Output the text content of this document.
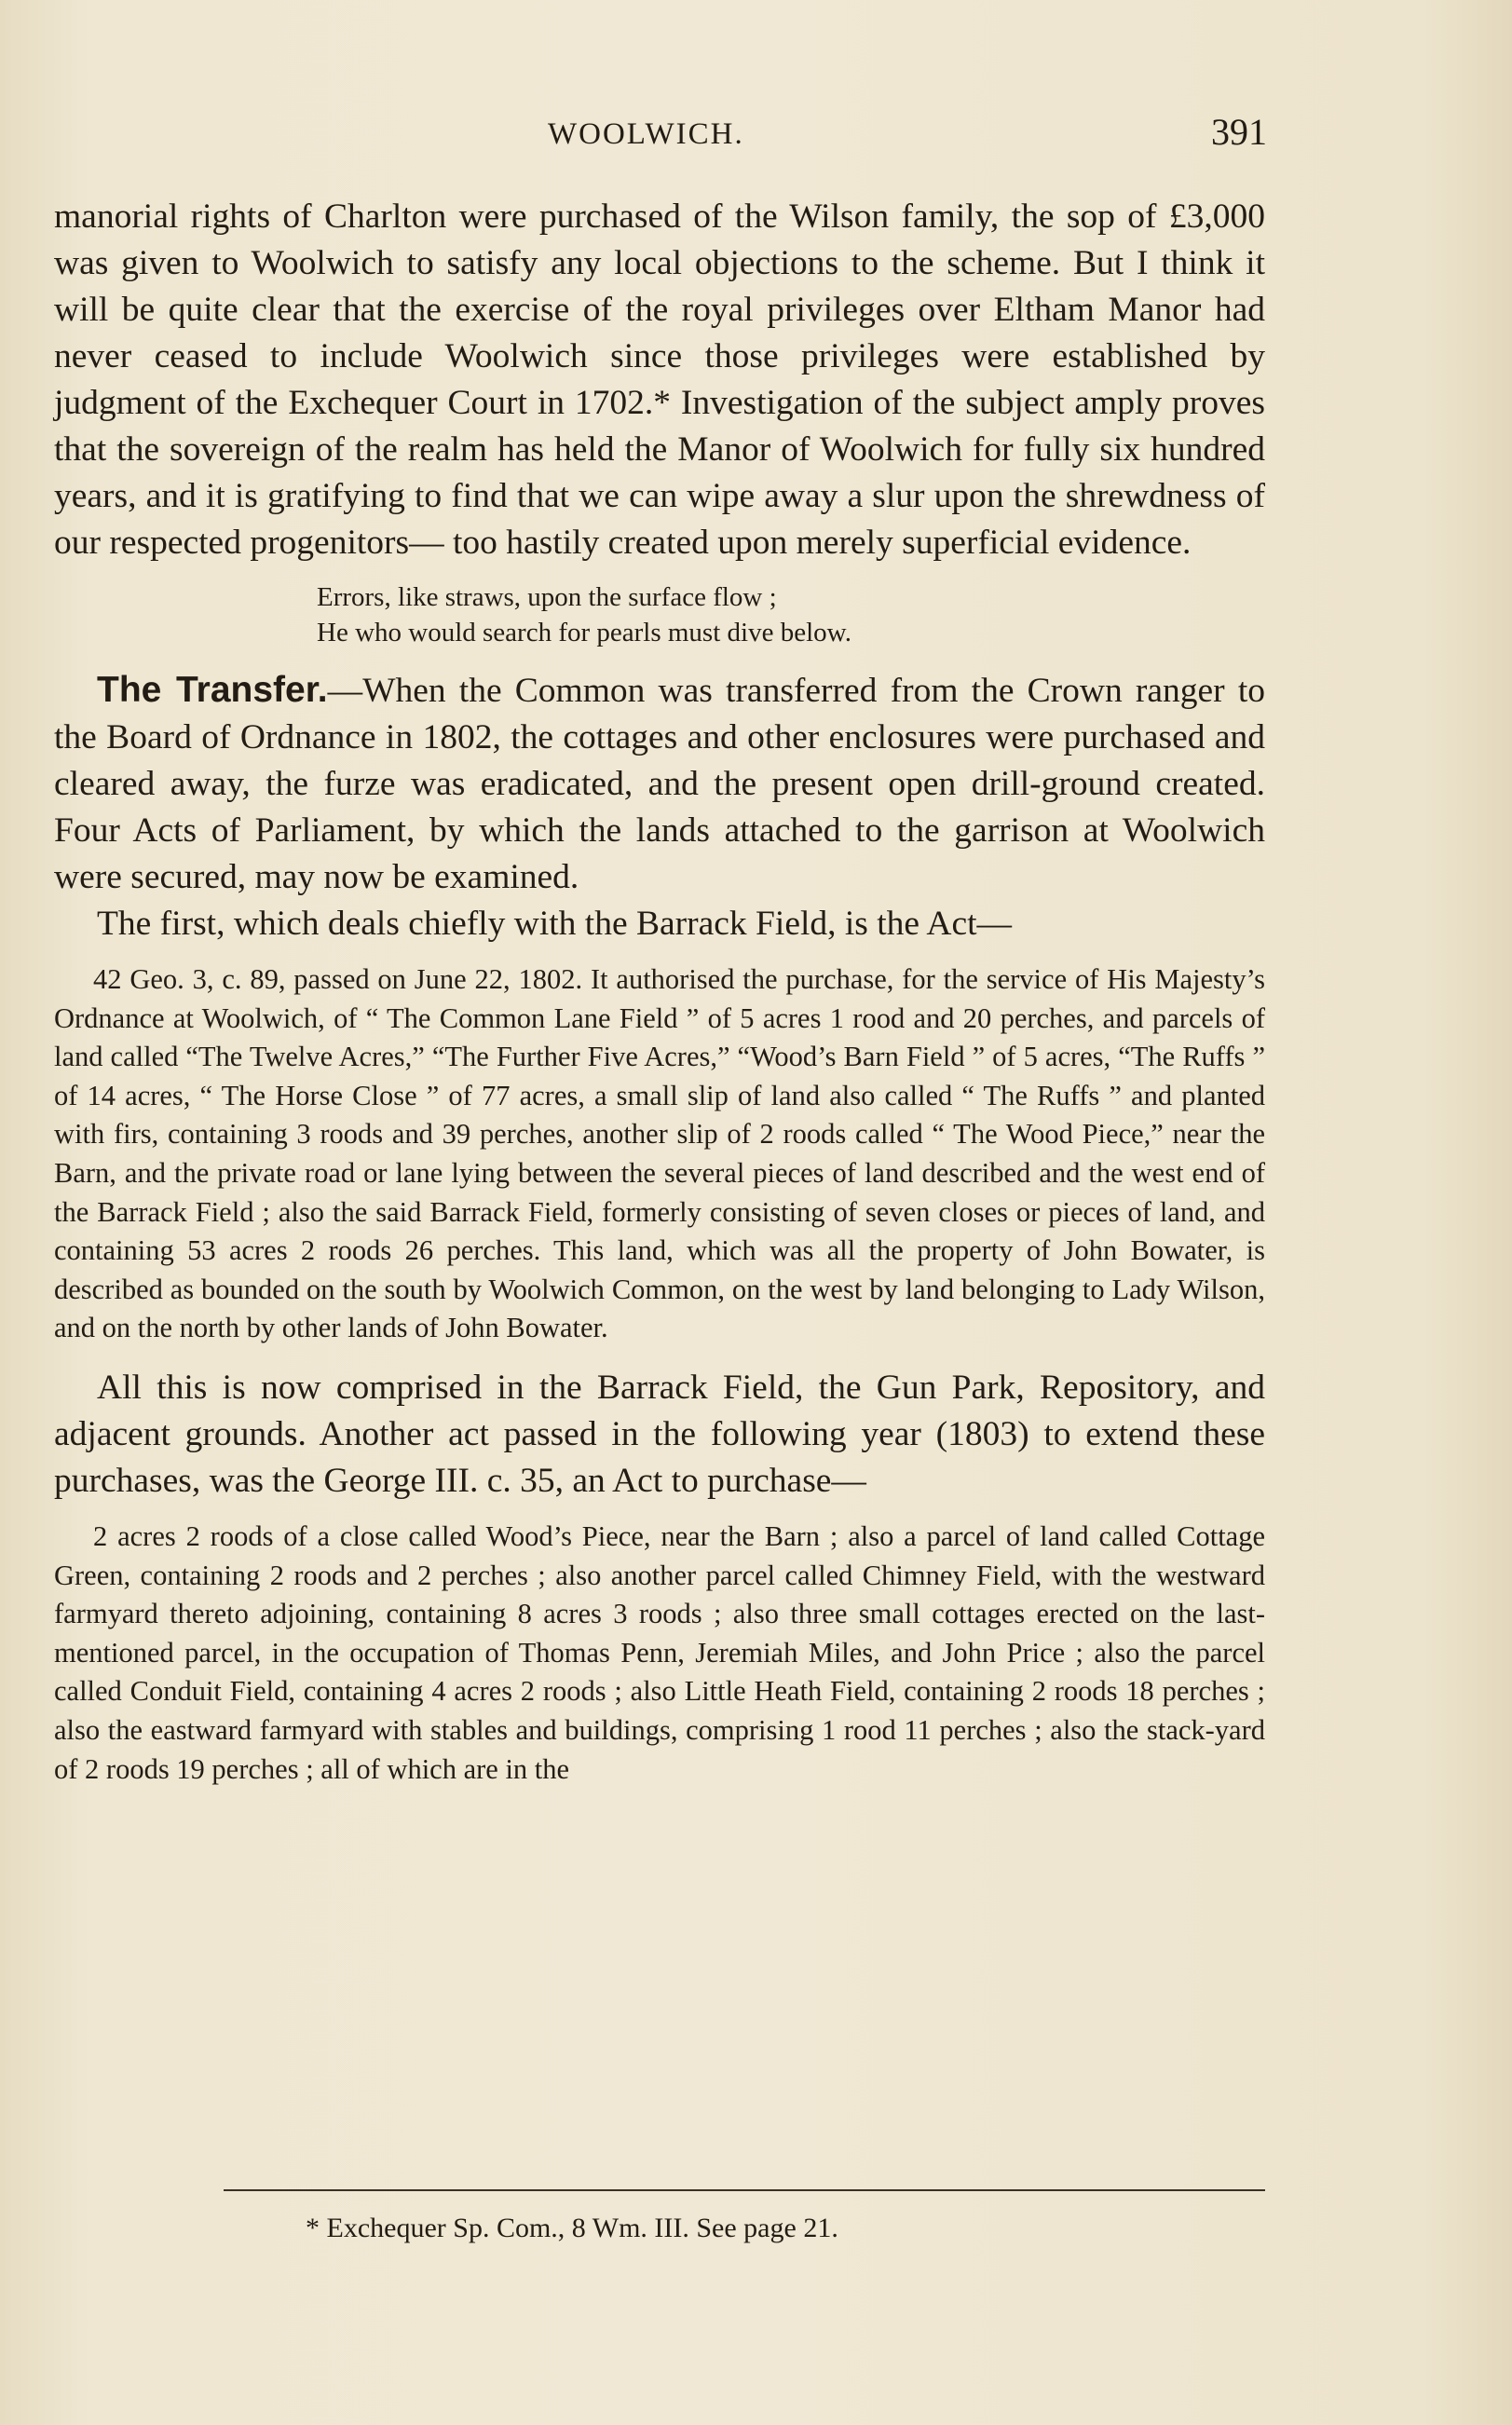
WOOLWICH.	391

manorial rights of Charlton were purchased of the Wilson family, the sop of £3,000 was given to Woolwich to satisfy any local objections to the scheme. But I think it will be quite clear that the exercise of the royal privileges over Eltham Manor had never ceased to include Woolwich since those privileges were established by judgment of the Exchequer Court in 1702.* Investigation of the subject amply proves that the sovereign of the realm has held the Manor of Woolwich for fully six hundred years, and it is gratifying to find that we can wipe away a slur upon the shrewdness of our respected progenitors— too hastily created upon merely superficial evidence.

Errors, like straws, upon the surface flow ;
He who would search for pearls must dive below.

The Transfer.—When the Common was transferred from the Crown ranger to the Board of Ordnance in 1802, the cottages and other enclosures were purchased and cleared away, the furze was eradicated, and the present open drill-ground created. Four Acts of Parliament, by which the lands attached to the garrison at Woolwich were secured, may now be examined.

The first, which deals chiefly with the Barrack Field, is the Act—

42 Geo. 3, c. 89, passed on June 22, 1802. It authorised the purchase, for the service of His Majesty’s Ordnance at Woolwich, of “ The Common Lane Field ” of 5 acres 1 rood and 20 perches, and parcels of land called “The Twelve Acres,” “The Further Five Acres,” “Wood’s Barn Field ” of 5 acres, “The Ruffs ” of 14 acres, “ The Horse Close ” of 77 acres, a small slip of land also called “ The Ruffs ” and planted with firs, containing 3 roods and 39 perches, another slip of 2 roods called “ The Wood Piece,” near the Barn, and the private road or lane lying between the several pieces of land described and the west end of the Barrack Field ; also the said Barrack Field, formerly consisting of seven closes or pieces of land, and containing 53 acres 2 roods 26 perches. This land, which was all the property of John Bowater, is described as bounded on the south by Woolwich Common, on the west by land belonging to Lady Wilson, and on the north by other lands of John Bowater.

All this is now comprised in the Barrack Field, the Gun Park, Repository, and adjacent grounds. Another act passed in the following year (1803) to extend these purchases, was the George III. c. 35, an Act to purchase—

2 acres 2 roods of a close called Wood’s Piece, near the Barn ; also a parcel of land called Cottage Green, containing 2 roods and 2 perches ; also another parcel called Chimney Field, with the westward farmyard thereto adjoining, containing 8 acres 3 roods ; also three small cottages erected on the last-mentioned parcel, in the occupation of Thomas Penn, Jeremiah Miles, and John Price ; also the parcel called Conduit Field, containing 4 acres 2 roods ; also Little Heath Field, containing 2 roods 18 perches ; also the eastward farmyard with stables and buildings, comprising 1 rood 11 perches ; also the stack-yard of 2 roods 19 perches ; all of which are in the

* Exchequer Sp. Com., 8 Wm. III. See page 21.
